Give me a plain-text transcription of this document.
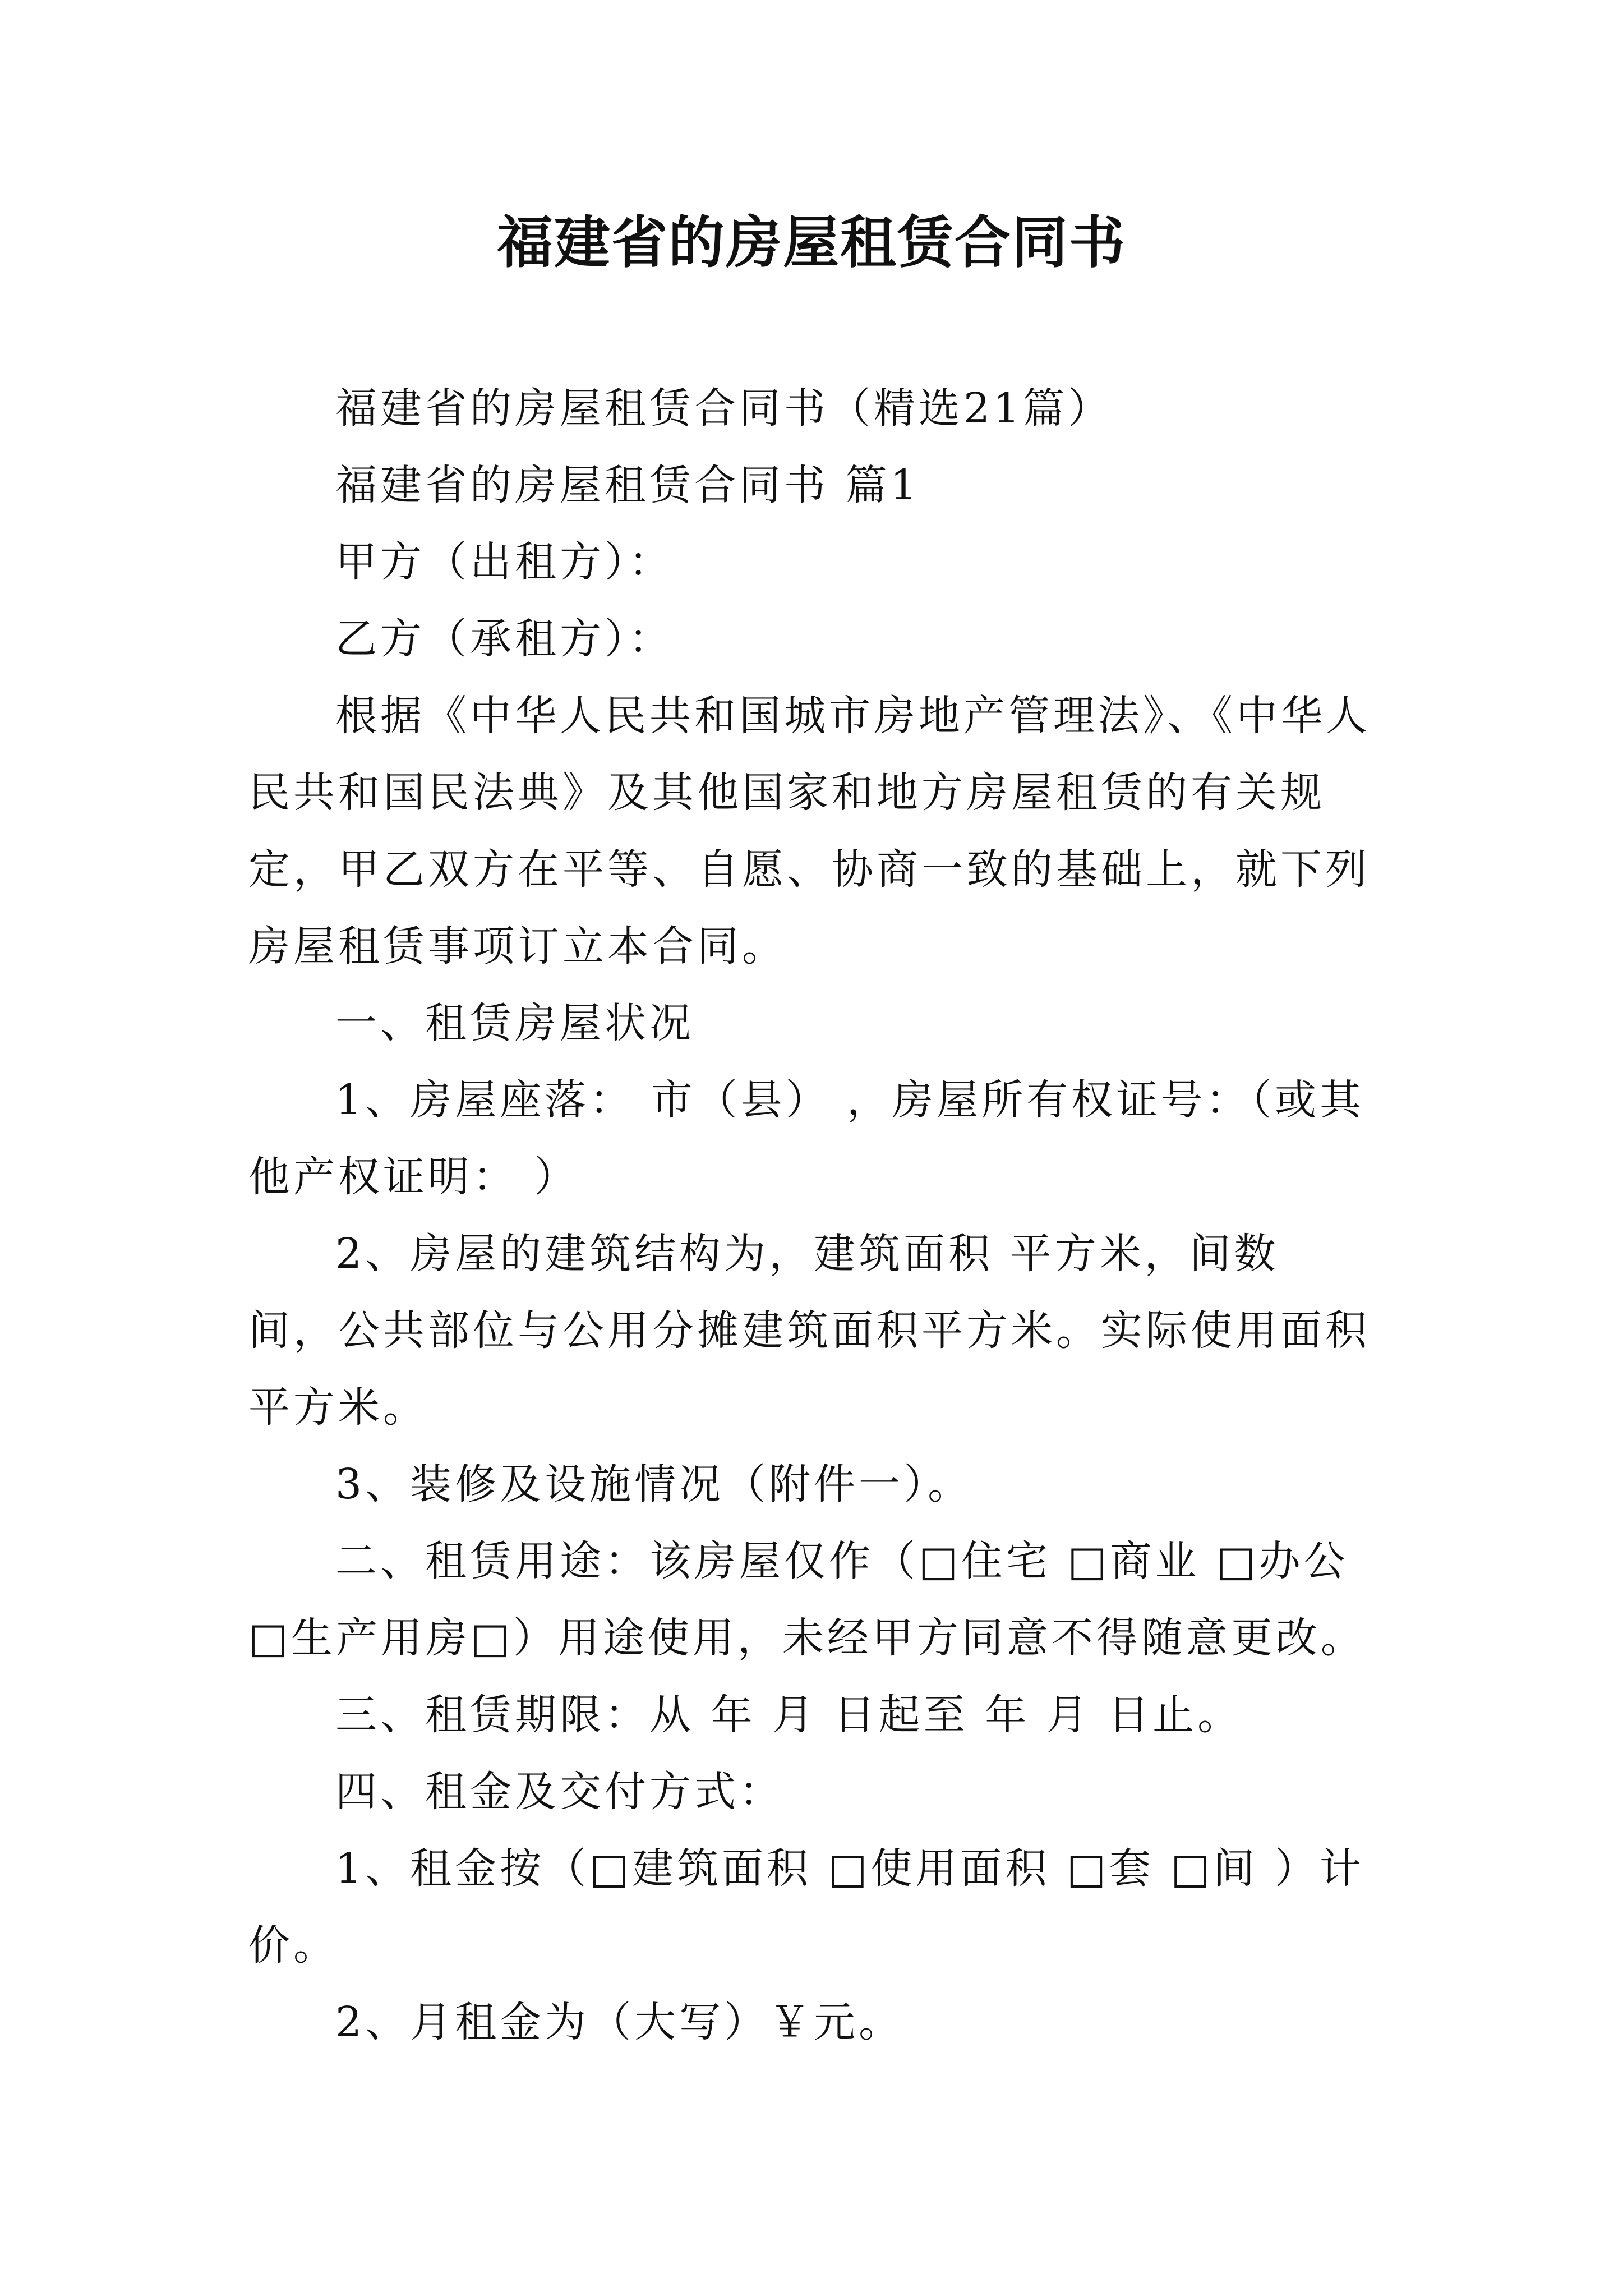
福建省的房屋租赁合同书

福建省的房屋租赁合同书（精选21篇）

福建省的房屋租赁合同书 篇1

甲方（出租方）：

乙方（承租方）：

根据《中华人民共和国城市房地产管理法》、《中华人民共和国民法典》及其他国家和地方房屋租赁的有关规定，甲乙双方在平等、自愿、协商一致的基础上，就下列房屋租赁事项订立本合同。

一、租赁房屋状况

1、房屋座落： 市（县） ，房屋所有权证号：（或其他产权证明： ）

2、房屋的建筑结构为，建筑面积 平方米，间数 间，公共部位与公用分摊建筑面积平方米。实际使用面积 平方米。

3、装修及设施情况（附件一）。

二、租赁用途：该房屋仅作（□住宅 □商业 □办公 □生产用房□）用途使用，未经甲方同意不得随意更改。

三、租赁期限：从 年 月 日起至 年 月 日止。

四、租金及交付方式：

1、租金按（□建筑面积 □使用面积 □套 □间 ）计价。

2、月租金为（大写）￥元。
